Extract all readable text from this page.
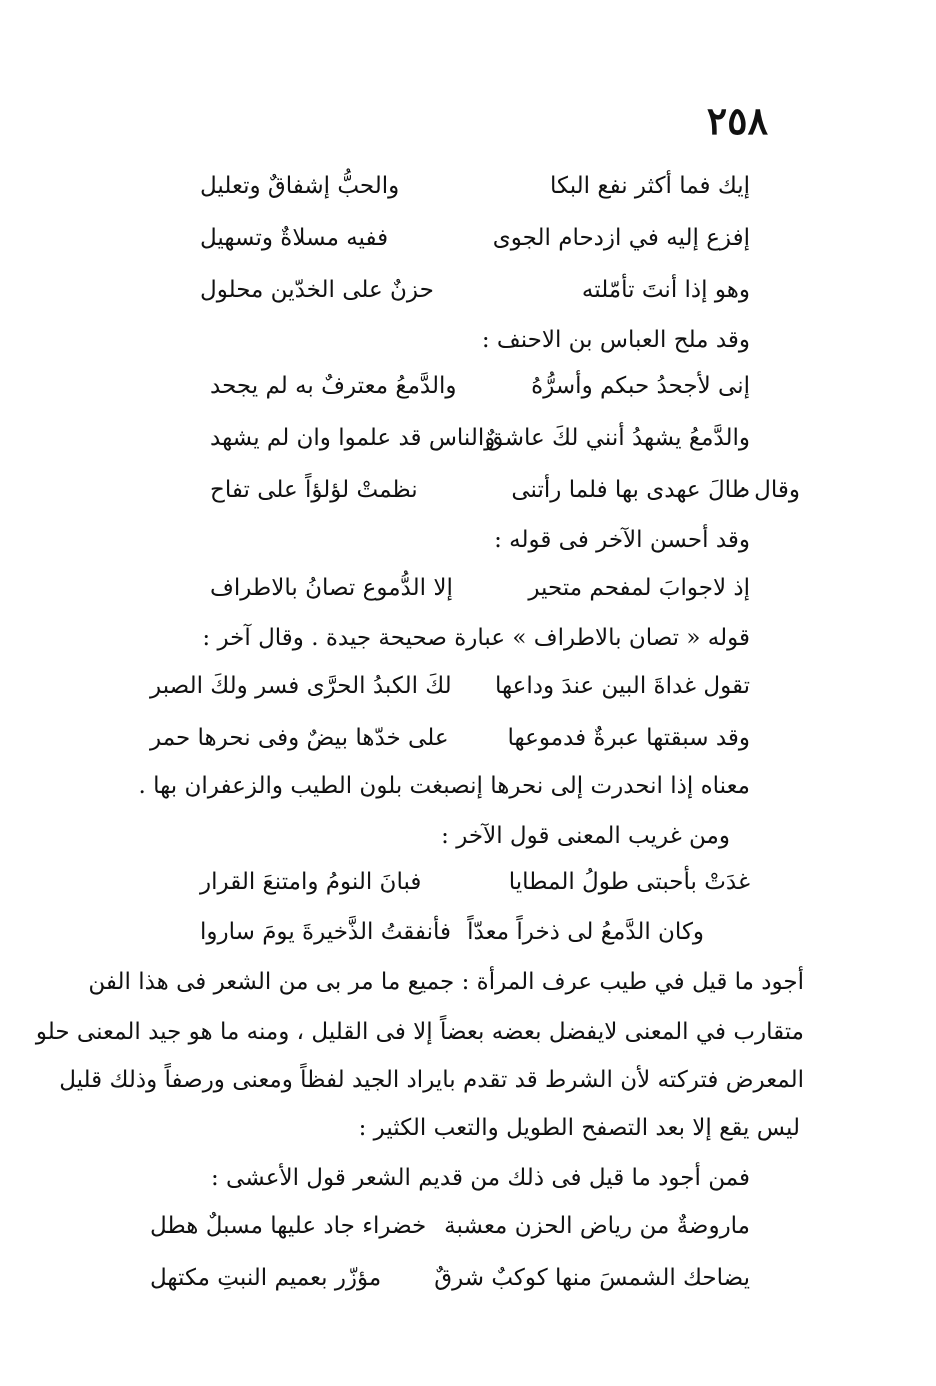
٢٥٨
إيك فما أكثر نفع البكا
والحبُّ إشفاقٌ وتعليل
إفزع إليه في ازدحام الجوى
ففيه مسلاةٌ وتسهيل
وهو إذا أنتَ تأمّلته
حزنٌ على الخدّين محلول
وقد ملح العباس بن الاحنف :
إنى لأجحدُ حبكم وأسرُّهُ
والدَّمعُ معترفٌ به لم يجحد
والدَّمعُ يشهدُ أنني لكَ عاشقٌ
والناس قد علموا وان لم يشهد
وقال :
طالَ عهدى بها فلما رأتنى
نظمتْ لؤلؤاً على تفاح
وقد أحسن الآخر فى قوله :
إذ لاجوابَ لمفحم متحير
إلا الدُّموع تصانُ بالاطراف
قوله « تصان بالاطراف » عبارة صحيحة جيدة . وقال آخر :
تقول غداةَ البين عندَ وداعها
لكَ الكبدُ الحرَّى فسر ولكَ الصبر
وقد سبقتها عبرةٌ فدموعها
على خدّها بيضٌ وفى نحرها حمر
معناه إذا انحدرت إلى نحرها إنصبغت بلون الطيب والزعفران بها .
ومن غريب المعنى قول الآخر :
غدَتْ بأحبتى طولُ المطايا
فبانَ النومُ وامتنعَ القرار
وكان الدَّمعُ لى ذخراً معدّاً
فأنفقتُ الذَّخيرةَ يومَ ساروا
أجود ما قيل في طيب عرف المرأة : جميع ما مر بى من الشعر فى هذا الفن
متقارب في المعنى لايفضل بعضه بعضاً إلا فى القليل ، ومنه ما هو جيد المعنى حلو
المعرض فتركته لأن الشرط قد تقدم بايراد الجيد لفظاً ومعنى ورصفاً وذلك قليل
ليس يقع إلا بعد التصفح الطويل والتعب الكثير :
فمن أجود ما قيل فى ذلك من قديم الشعر قول الأعشى :
ماروضةٌ من رياض الحزن معشبة
خضراء جاد عليها مسبلٌ هطل
يضاحك الشمسَ منها كوكبٌ شرقٌ
مؤزّر بعميم النبتِ مكتهل
